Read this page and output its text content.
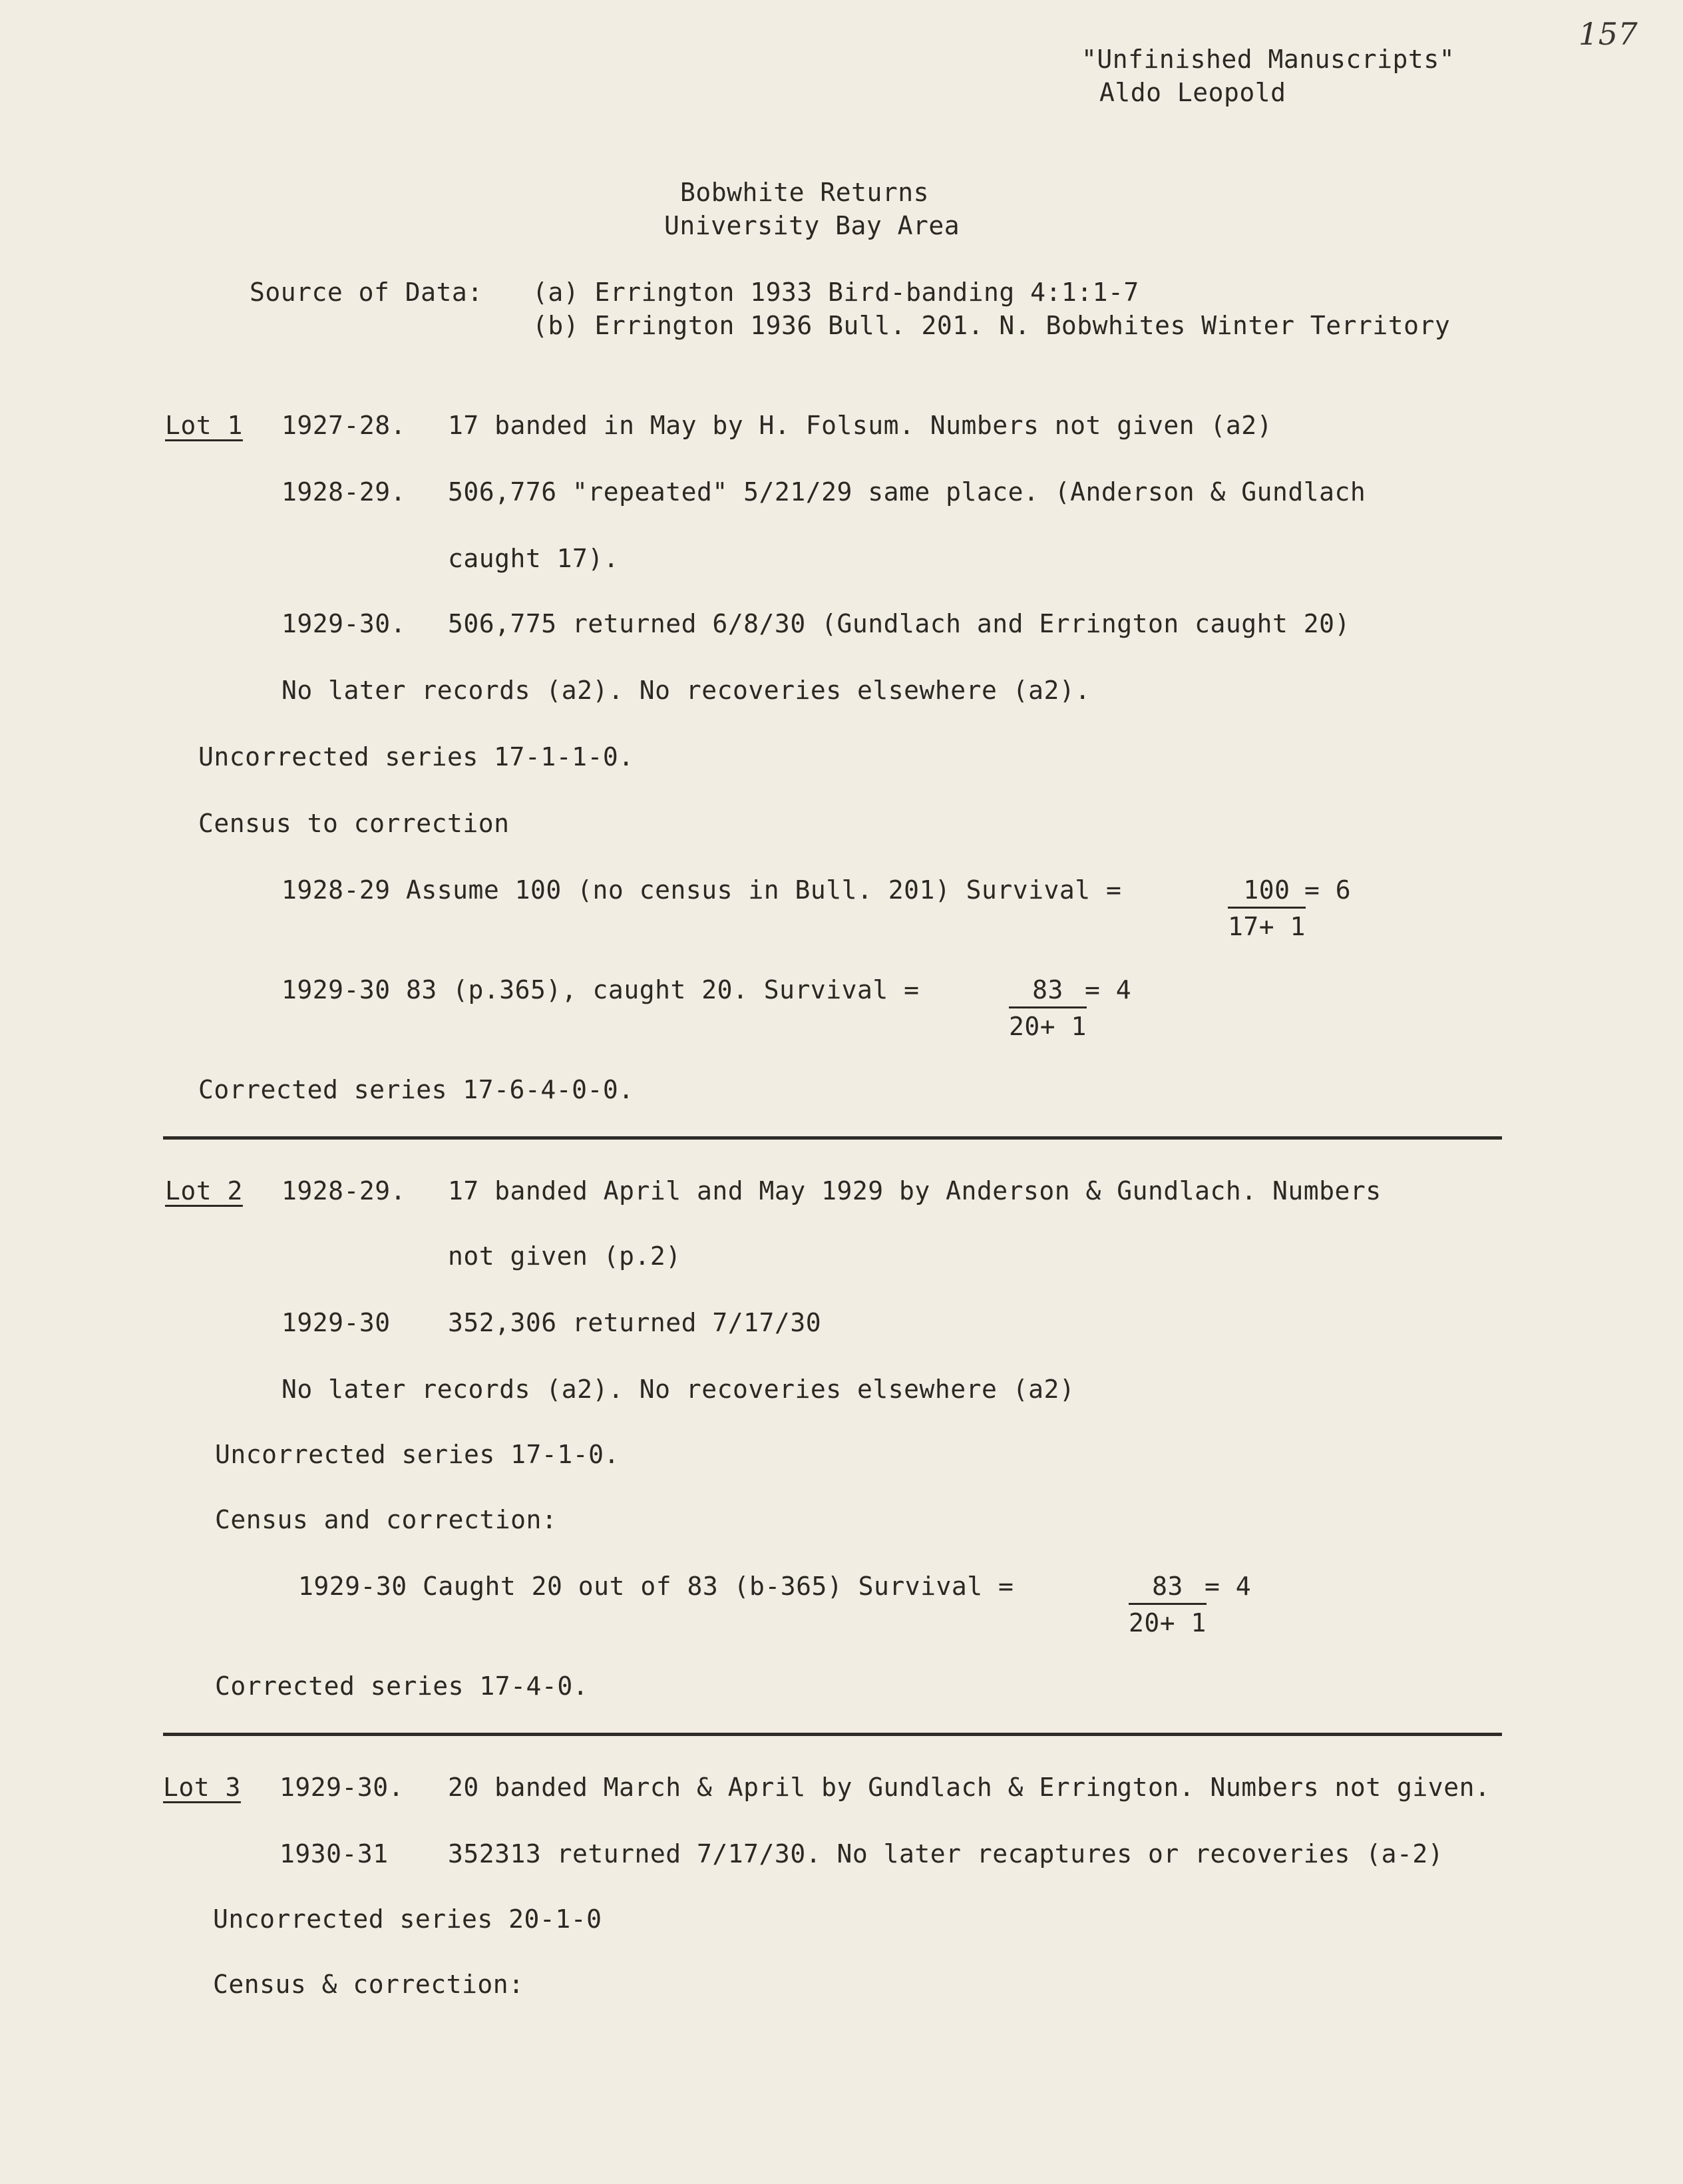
157
"Unfinished Manuscripts"
Aldo Leopold
Bobwhite Returns
University Bay Area
Source of Data: (a) Errington 1933 Bird-banding 4:1:1-7
(b) Errington 1936 Bull. 201. N. Bobwhites Winter Territory
Lot 1 1927-28. 17 banded in May by H. Folsum. Numbers not given (a2)
1928-29. 506,776 "repeated" 5/21/29 same place. (Anderson & Gundlach
caught 17).
1929-30. 506,775 returned 6/8/30 (Gundlach and Errington caught 20)
No later records (a2). No recoveries elsewhere (a2).
Uncorrected series 17-1-1-0.
Census to correction
1928-29 Assume 100 (no census in Bull. 201) Survival =	$\frac{100}{17+ 1}$
= 6
1929-30 83 (p.365), caught 20. Survival =	$\frac{83}{20+ 1}$
= 4
Corrected series 17-6-4-0-0.
Lot 2 1928-29. 17 banded April and May 1929 by Anderson & Gundlach. Numbers
not given (p.2)
1929-30 352,306 returned 7/17/30
No later records (a2). No recoveries elsewhere (a2)
Uncorrected series 17-1-0.
Census and correction:
1929-30 Caught 20 out of 83 (b-365) Survival =	$\frac{83}{20+ 1}$
= 4
Corrected series 17-4-0.
Lot 3 1929-30. 20 banded March & April by Gundlach & Errington. Numbers not given.
1930-31 352313 returned 7/17/30. No later recaptures or recoveries (a-2)
Uncorrected series 20-1-0
Census & correction:
